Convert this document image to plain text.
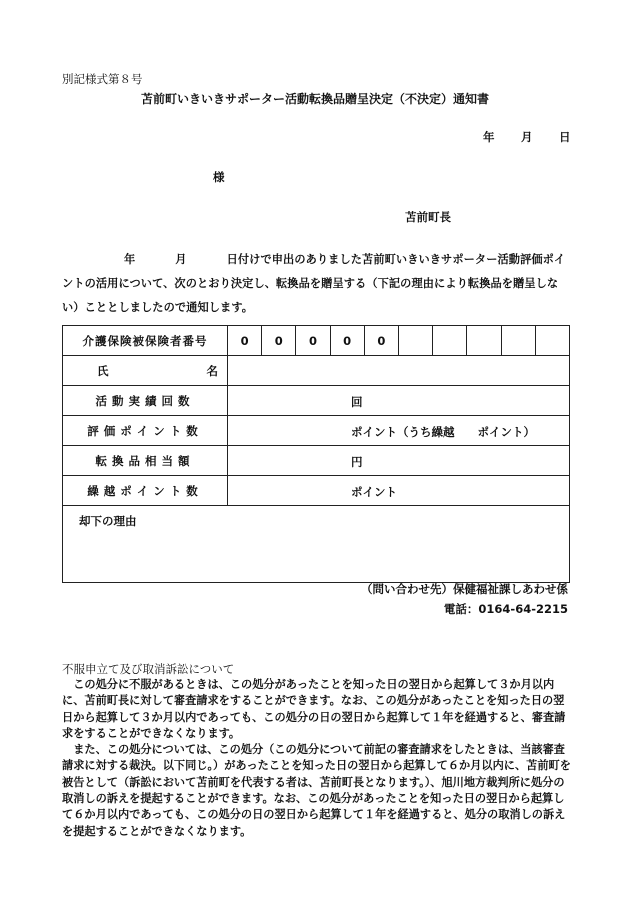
別記様式第８号
苫前町いきいきサポーター活動転換品贈呈決定（不決定）通知書
年 月 日
様
苫前町長
年	月	日付けで申出のありました苫前町いきいきサポーター活動評価ポイントの活用について、次のとおり決定し、転換品を贈呈する（下記の理由により転換品を贈呈しない）こととしましたので通知します。
介護保険被保険者番号	0	0	0	0	0					
氏 名										
活動実績回数	回									

評価ポイント数	ポイント（うち繰越　　ポイント）									

転換品相当額	円									

繰越ポイント数	ポイント									

却下の理由										
（問い合わせ先）保健福祉課しあわせ係
電話：0164-64-2215
不服申立て及び取消訴訟について

　この処分に不服があるときは、この処分があったことを知った日の翌日から起算して３か月以内に、苫前町長に対して審査請求をすることができます。なお、この処分があったことを知った日の翌日から起算して３か月以内であっても、この処分の日の翌日から起算して１年を経過すると、審査請求をすることができなくなります。

　また、この処分については、この処分（この処分について前記の審査請求をしたときは、当該審査請求に対する裁決。以下同じ。）があったことを知った日の翌日から起算して６か月以内に、苫前町を被告として（訴訟において苫前町を代表する者は、苫前町長となります。）、旭川地方裁判所に処分の取消しの訴えを提起することができます。なお、この処分があったことを知った日の翌日から起算して６か月以内であっても、この処分の日の翌日から起算して１年を経過すると、処分の取消しの訴えを提起することができなくなります。
